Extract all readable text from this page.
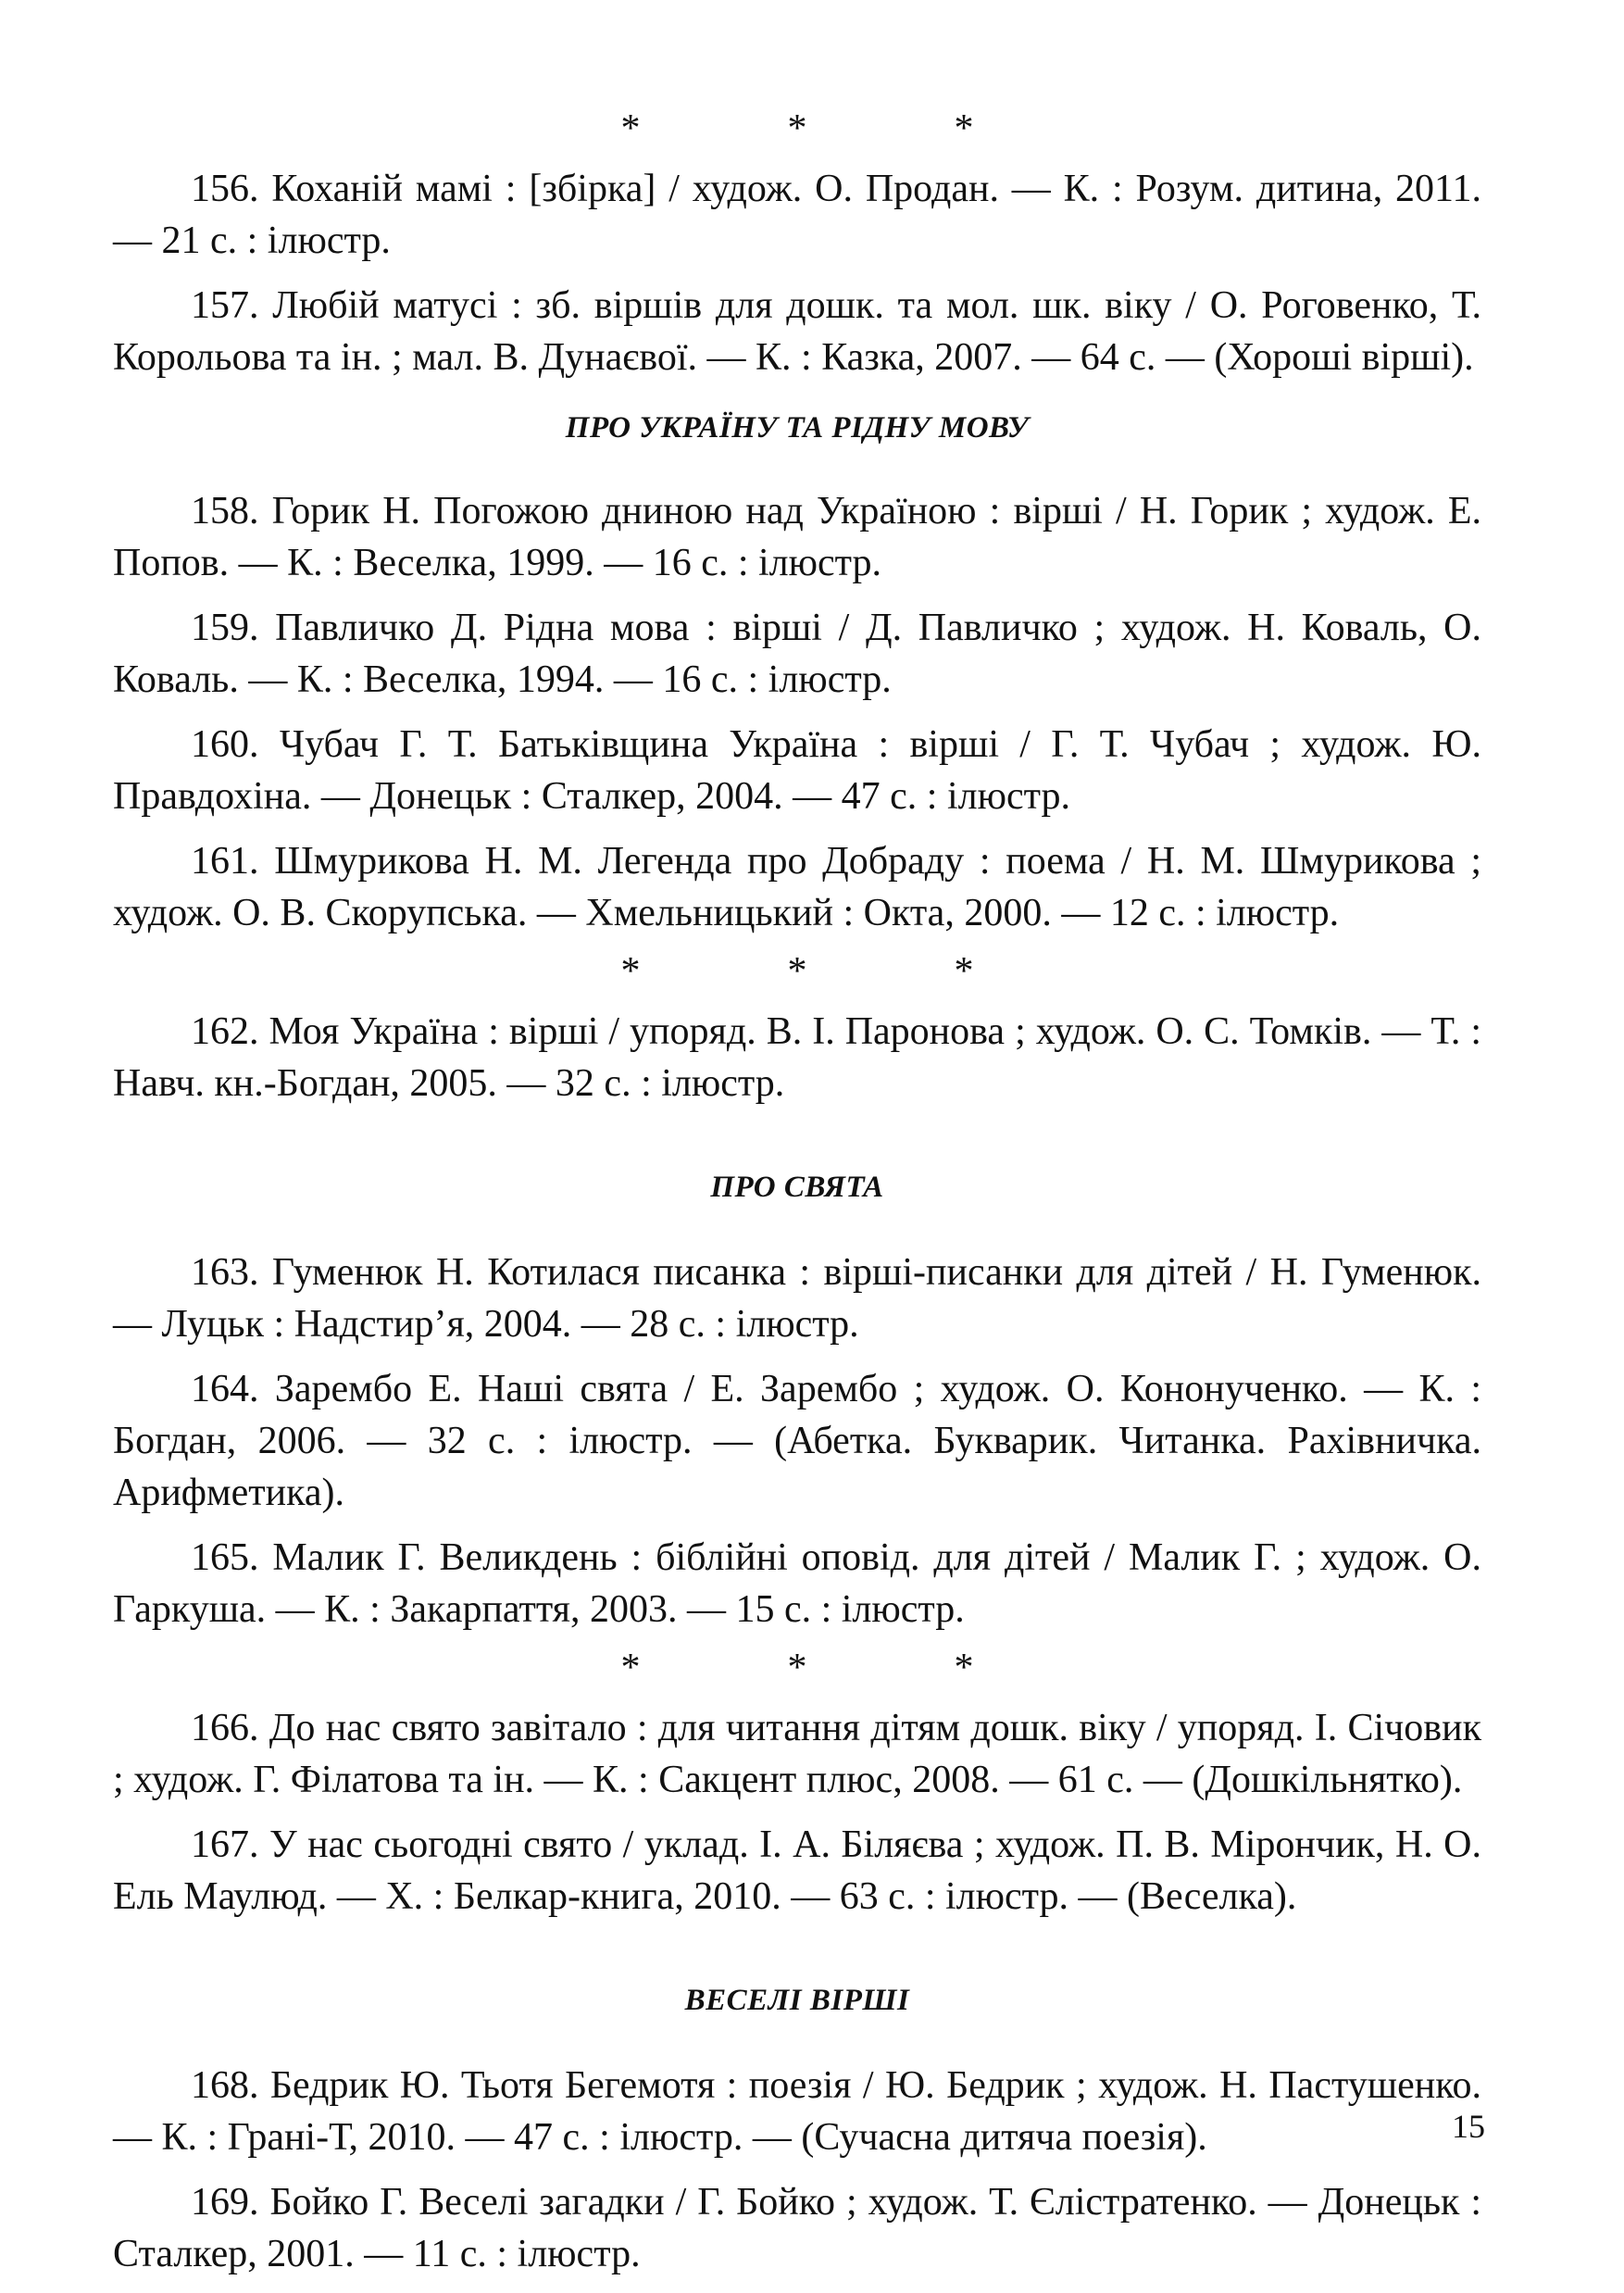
*	*	*

156. Коханій мамі : [збірка] / худож. О. Продан. — К. : Розум. дитина, 2011. — 21 с. : ілюстр.

157. Любій матусі : зб. віршів для дошк. та мол. шк. віку / О. Роговенко, Т. Корольова та ін. ; мал. В. Дунаєвої. — К. : Казка, 2007. — 64 с. — (Хороші вірші).

ПРО УКРАЇНУ ТА РІДНУ МОВУ

158. Горик Н. Погожою дниною над Україною : вірші / Н. Горик ; худож. Е. Попов. — К. : Веселка, 1999. — 16 с. : ілюстр.

159. Павличко Д. Рідна мова : вірші / Д. Павличко ; худож. Н. Коваль, О. Коваль. — К. : Веселка, 1994. — 16 с. : ілюстр.

160. Чубач Г. Т. Батьківщина Україна : вірші / Г. Т. Чубач ; худож. Ю. Правдохіна. — Донецьк : Сталкер, 2004. — 47 с. : ілюстр.

161. Шмурикова Н. М. Легенда про Добраду : поема / Н. М. Шмурикова ; худож. О. В. Скорупська. — Хмельницький : Окта, 2000. — 12 с. : ілюстр.

*	*	*

162. Моя Україна : вірші / упоряд. В. І. Паронова ; худож. О. С. Томків. — Т. : Навч. кн.-Богдан, 2005. — 32 с. : ілюстр.

ПРО СВЯТА

163. Гуменюк Н. Котилася писанка : вірші-писанки для дітей / Н. Гуменюк. — Луцьк : Надстир’я, 2004. — 28 с. : ілюстр.

164. Зарембо Е. Наші свята / Е. Зарембо ; худож. О. Кононученко. — К. : Богдан, 2006. — 32 с. : ілюстр. — (Абетка. Букварик. Читанка. Рахівничка. Арифметика).

165. Малик Г. Великдень : біблійні оповід. для дітей / Малик Г. ; худож. О. Гаркуша. — К. : Закарпаття, 2003. — 15 с. : ілюстр.

*	*	*

166. До нас свято завітало : для читання дітям дошк. віку / упоряд. І. Січовик ; худож. Г. Філатова та ін. — К. : Сакцент плюс, 2008. — 61 с. — (Дошкільнятко).

167. У нас сьогодні свято / уклад. І. А. Біляєва ; худож. П. В. Мірончик, Н. О. Ель Маулюд. — Х. : Белкар-книга, 2010. — 63 с. : ілюстр. — (Веселка).

ВЕСЕЛІ ВІРШІ

168. Бедрик Ю. Тьотя Бегемотя : поезія / Ю. Бедрик ; худож. Н. Пастушенко. — К. : Грані-Т, 2010. — 47 с. : ілюстр. — (Сучасна дитяча поезія).

169. Бойко Г. Веселі загадки / Г. Бойко ; худож. Т. Єлістратенко. — Донецьк : Сталкер, 2001. — 11 с. : ілюстр.

15
